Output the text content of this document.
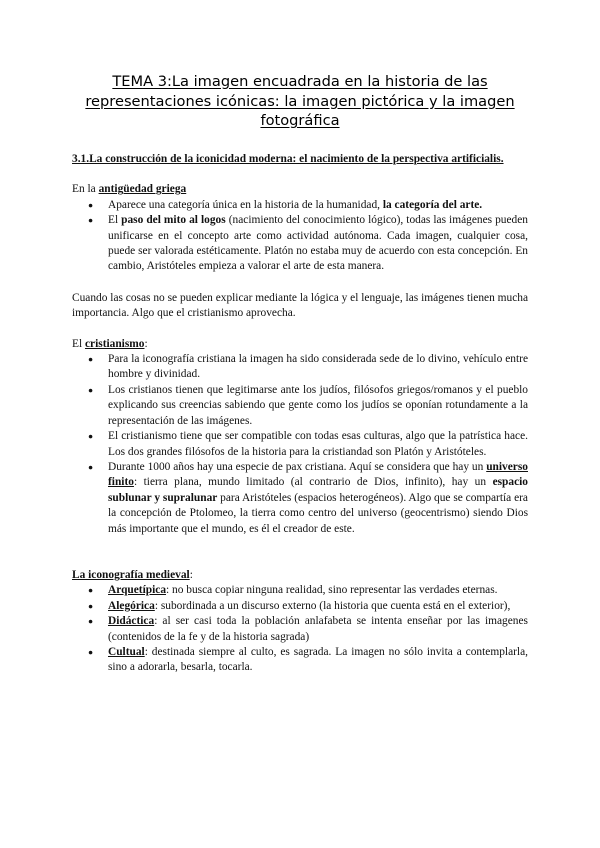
TEMA 3:La imagen encuadrada en la historia de las representaciones icónicas: la imagen pictórica y la imagen fotográfica

3.1.La construcción de la iconicidad moderna: el nacimiento de la perspectiva artificialis.

En la antigüedad griega

● Aparece una categoría única en la historia de la humanidad, la categoría del arte.
● El paso del mito al logos (nacimiento del conocimiento lógico), todas las imágenes pueden unificarse en el concepto arte como actividad autónoma. Cada imagen, cualquier cosa, puede ser valorada estéticamente. Platón no estaba muy de acuerdo con esta concepción. En cambio, Aristóteles empieza a valorar el arte de esta manera.

Cuando las cosas no se pueden explicar mediante la lógica y el lenguaje, las imágenes tienen mucha importancia. Algo que el cristianismo aprovecha.

El cristianismo:

● Para la iconografía cristiana la imagen ha sido considerada sede de lo divino, vehículo entre hombre y divinidad.
● Los cristianos tienen que legitimarse ante los judíos, filósofos griegos/romanos y el pueblo explicando sus creencias sabiendo que gente como los judíos se oponían rotundamente a la representación de las imágenes.
● El cristianismo tiene que ser compatible con todas esas culturas, algo que la patrística hace. Los dos grandes filósofos de la historia para la cristiandad son Platón y Aristóteles.
● Durante 1000 años hay una especie de pax cristiana. Aquí se considera que hay un universo finito: tierra plana, mundo limitado (al contrario de Dios, infinito), hay un espacio sublunar y supralunar para Aristóteles (espacios heterogéneos). Algo que se compartía era la concepción de Ptolomeo, la tierra como centro del universo (geocentrismo) siendo Dios más importante que el mundo, es él el creador de este.

La iconografía medieval:

● Arquetípica: no busca copiar ninguna realidad, sino representar las verdades eternas.
● Alegórica: subordinada a un discurso externo (la historia que cuenta está en el exterior),
● Didáctica: al ser casi toda la población anlafabeta se intenta enseñar por las imagenes (contenidos de la fe y de la historia sagrada)
● Cultual: destinada siempre al culto, es sagrada. La imagen no sólo invita a contemplarla, sino a adorarla, besarla, tocarla.
